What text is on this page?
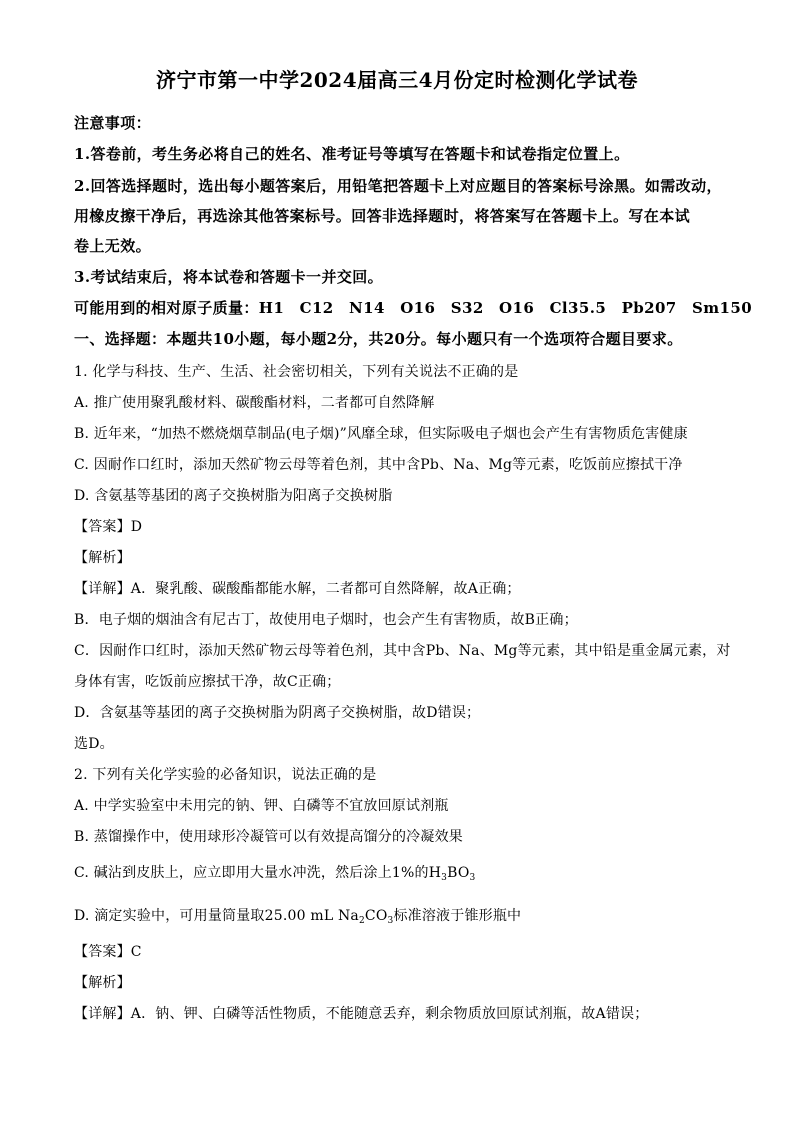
济宁市第一中学2024届高三4月份定时检测化学试卷
注意事项：
1.答卷前，考生务必将自己的姓名、准考证号等填写在答题卡和试卷指定位置上。
2.回答选择题时，选出每小题答案后，用铅笔把答题卡上对应题目的答案标号涂黑。如需改动，
用橡皮擦干净后，再选涂其他答案标号。回答非选择题时，将答案写在答题卡上。写在本试
卷上无效。
3.考试结束后，将本试卷和答题卡一并交回。
可能用到的相对原子质量：H1　C12　N14　O16　S32　O16　Cl35.5　Pb207　Sm150
一、选择题：本题共10小题，每小题2分，共20分。每小题只有一个选项符合题目要求。
1. 化学与科技、生产、生活、社会密切相关，下列有关说法不正确的是
A. 推广使用聚乳酸材料、碳酸酯材料，二者都可自然降解
B. 近年来，“加热不燃烧烟草制品(电子烟)”风靡全球，但实际吸电子烟也会产生有害物质危害健康
C. 因耐作口红时，添加天然矿物云母等着色剂，其中含Pb、Na、Mg等元素，吃饭前应擦拭干净
D. 含氨基等基团的离子交换树脂为阳离子交换树脂
【答案】D
【解析】
【详解】A．聚乳酸、碳酸酯都能水解，二者都可自然降解，故A正确；
B．电子烟的烟油含有尼古丁，故使用电子烟时，也会产生有害物质，故B正确；
C．因耐作口红时，添加天然矿物云母等着色剂，其中含Pb、Na、Mg等元素，其中铅是重金属元素，对
身体有害，吃饭前应擦拭干净，故C正确；
D．含氨基等基团的离子交换树脂为阴离子交换树脂，故D错误；
选D。
2. 下列有关化学实验的必备知识，说法正确的是
A. 中学实验室中未用完的钠、钾、白磷等不宜放回原试剂瓶
B. 蒸馏操作中，使用球形冷凝管可以有效提高馏分的冷凝效果
C. 碱沾到皮肤上，应立即用大量水冲洗，然后涂上1%的$H_3BO_3$
D. 滴定实验中，可用量筒量取25.00 mL $Na_2CO_3$标准溶液于锥形瓶中
【答案】C
【解析】
【详解】A．钠、钾、白磷等活性物质，不能随意丢弃，剩余物质放回原试剂瓶，故A错误；
